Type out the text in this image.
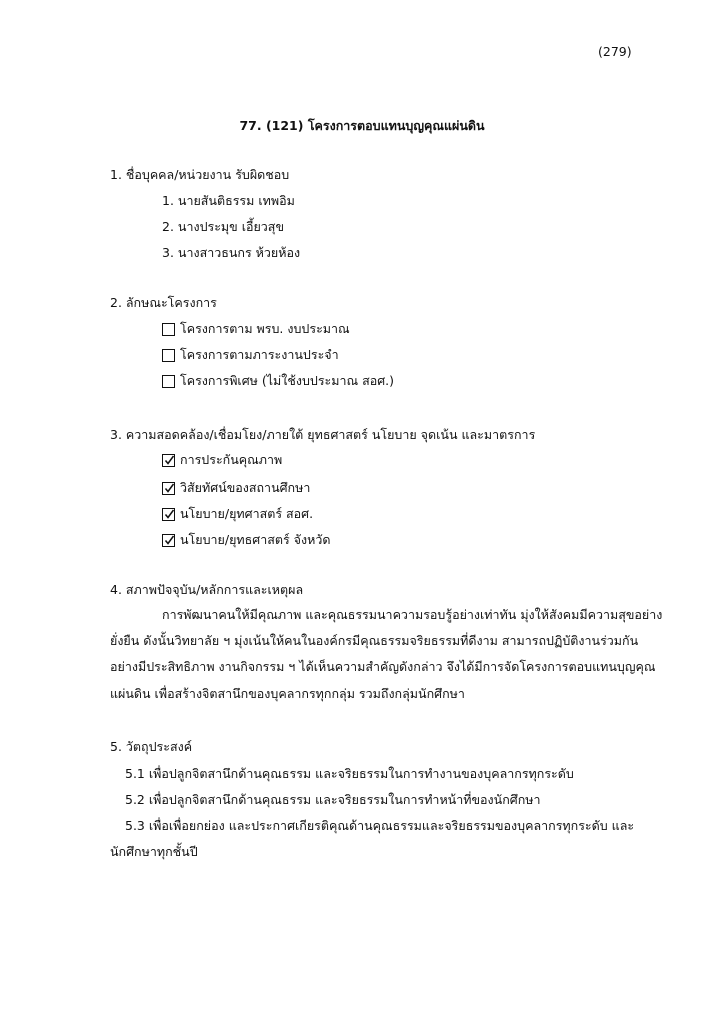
(279)
77. (121) โครงการตอบแทนบุญคุณแผ่นดิน
1. ชื่อบุคคล/หน่วยงาน รับผิดชอบ
1. นายสันติธรรม เทพอิม
2. นางประมุข เอี้ยวสุข
3. นางสาวธนกร ห้วยห้อง
2. ลักษณะโครงการ
โครงการตาม พรบ. งบประมาณ
โครงการตามภาระงานประจำ
โครงการพิเศษ (ไม่ใช้งบประมาณ สอศ.)
3. ความสอดคล้อง/เชื่อมโยง/ภายใต้ ยุทธศาสตร์ นโยบาย จุดเน้น และมาตรการ
การประกันคุณภาพ
วิสัยทัศน์ของสถานศึกษา
นโยบาย/ยุทศาสตร์ สอศ.
นโยบาย/ยุทธศาสตร์ จังหวัด
4. สภาพปัจจุบัน/หลักการและเหตุผล
การพัฒนาคนให้มีคุณภาพ และคุณธรรมนาความรอบรู้อย่างเท่าทัน มุ่งให้สังคมมีความสุขอย่าง
ยั่งยืน ดังนั้นวิทยาลัย ฯ มุ่งเน้นให้คนในองค์กรมีคุณธรรมจริยธรรมที่ดีงาม สามารถปฏิบัติงานร่วมกัน
อย่างมีประสิทธิภาพ งานกิจกรรม ฯ ได้เห็นความสำคัญดังกล่าว จึงได้มีการจัดโครงการตอบแทนบุญคุณ
แผ่นดิน เพื่อสร้างจิตสานึกของบุคลากรทุกกลุ่ม รวมถึงกลุ่มนักศึกษา
5. วัตถุประสงค์
5.1 เพื่อปลูกจิตสานึกด้านคุณธรรม และจริยธรรมในการทำงานของบุคลากรทุกระดับ
5.2 เพื่อปลูกจิตสานึกด้านคุณธรรม และจริยธรรมในการทำหน้าที่ของนักศึกษา
5.3 เพื่อเพื่อยกย่อง และประกาศเกียรติคุณด้านคุณธรรมและจริยธรรมของบุคลากรทุกระดับ และ
นักศึกษาทุกชั้นปี
